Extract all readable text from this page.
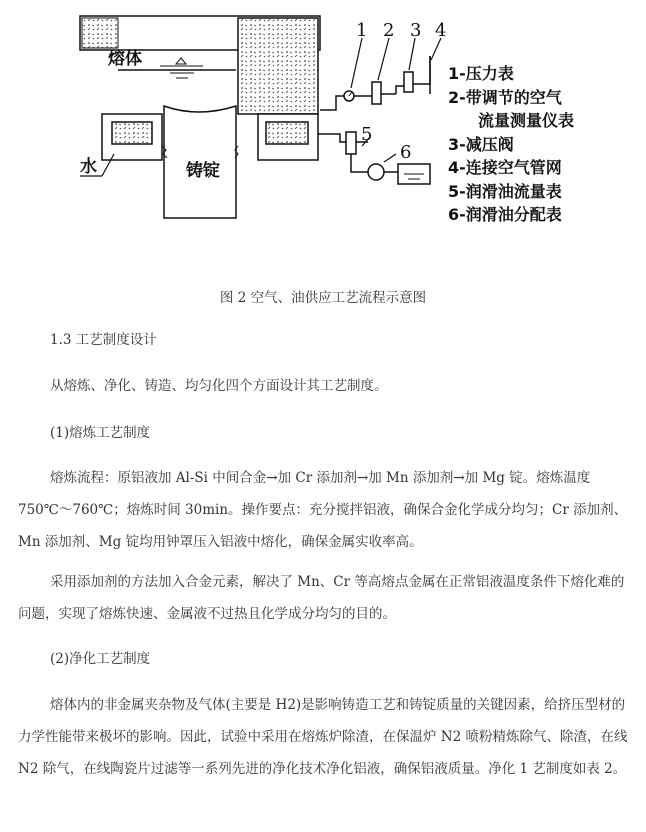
熔体
铸锭
水
1 2 3 4
5
6
1-压力表
2-带调节的空气
流量测量仪表
3-减压阀
4-连接空气管网
5-润滑油流量表
6-润滑油分配表
图 2 空气、油供应工艺流程示意图

1.3 工艺制度设计

从熔炼、净化、铸造、均匀化四个方面设计其工艺制度。

(1)熔炼工艺制度

熔炼流程：原铝液加 Al-Si 中间合金→加 Cr 添加剂→加 Mn 添加剂→加 Mg 锭。熔炼温度 750℃～760℃；熔炼时间 30min。操作要点：充分搅拌铝液，确保合金化学成分均匀；Cr 添加剂、Mn 添加剂、Mg 锭均用钟罩压入铝液中熔化，确保金属实收率高。

采用添加剂的方法加入合金元素，解决了 Mn、Cr 等高熔点金属在正常铝液温度条件下熔化难的问题，实现了熔炼快速、金属液不过热且化学成分均匀的目的。

(2)净化工艺制度

熔体内的非金属夹杂物及气体(主要是 H2)是影响铸造工艺和铸锭质量的关键因素，给挤压型材的力学性能带来极坏的影响。因此，试验中采用在熔炼炉除渣，在保温炉 N2 喷粉精炼除气、除渣，在线 N2 除气，在线陶瓷片过滤等一系列先进的净化技术净化铝液，确保铝液质量。净化 1 艺制度如表 2。
